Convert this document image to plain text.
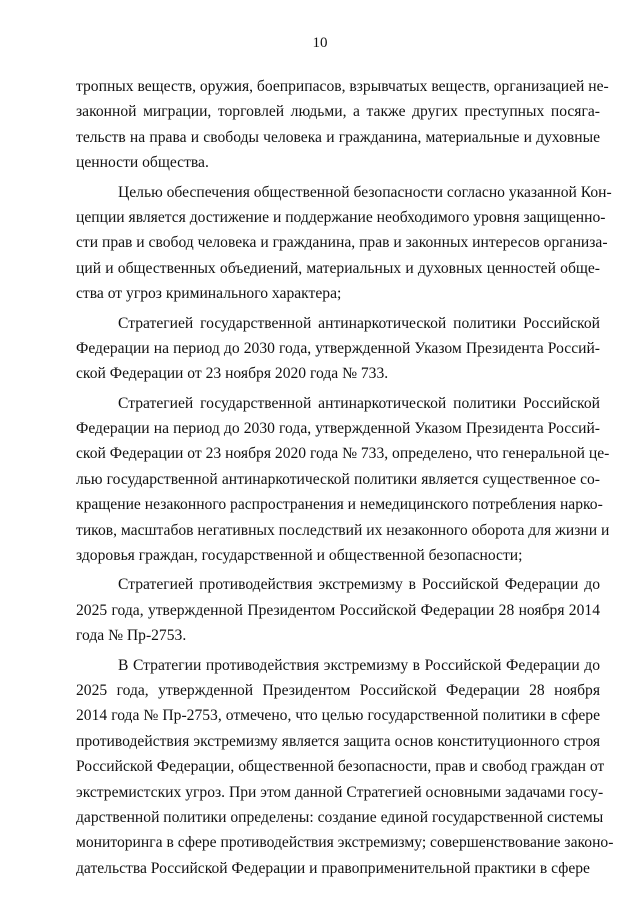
10
тропных веществ, оружия, боеприпасов, взрывчатых веществ, организацией не-
законной миграции, торговлей людьми, а также других преступных посяга-
тельств на права и свободы человека и гражданина, материальные и духовные
ценности общества.
Целью обеспечения общественной безопасности согласно указанной Кон-
цепции является достижение и поддержание необходимого уровня защищенно-
сти прав и свобод человека и гражданина, прав и законных интересов организа-
ций и общественных объедиений, материальных и духовных ценностей обще-
ства от угроз криминального характера;
Стратегией государственной антинаркотической политики Российской
Федерации на период до 2030 года, утвержденной Указом Президента Россий-
ской Федерации от 23 ноября 2020 года № 733.
Стратегией государственной антинаркотической политики Российской
Федерации на период до 2030 года, утвержденной Указом Президента Россий-
ской Федерации от 23 ноября 2020 года № 733, определено, что генеральной це-
лью государственной антинаркотической политики является существенное со-
кращение незаконного распространения и немедицинского потребления нарко-
тиков, масштабов негативных последствий их незаконного оборота для жизни и
здоровья граждан, государственной и общественной безопасности;
Стратегией противодействия экстремизму в Российской Федерации до
2025 года, утвержденной Президентом Российской Федерации 28 ноября 2014
года № Пр-2753.
В Стратегии противодействия экстремизму в Российской Федерации до
2025 года, утвержденной Президентом Российской Федерации 28 ноября
2014 года № Пр-2753, отмечено, что целью государственной политики в сфере
противодействия экстремизму является защита основ конституционного строя
Российской Федерации, общественной безопасности, прав и свобод граждан от
экстремистских угроз. При этом данной Стратегией основными задачами госу-
дарственной политики определены: создание единой государственной системы
мониторинга в сфере противодействия экстремизму; совершенствование законо-
дательства Российской Федерации и правоприменительной практики в сфере
